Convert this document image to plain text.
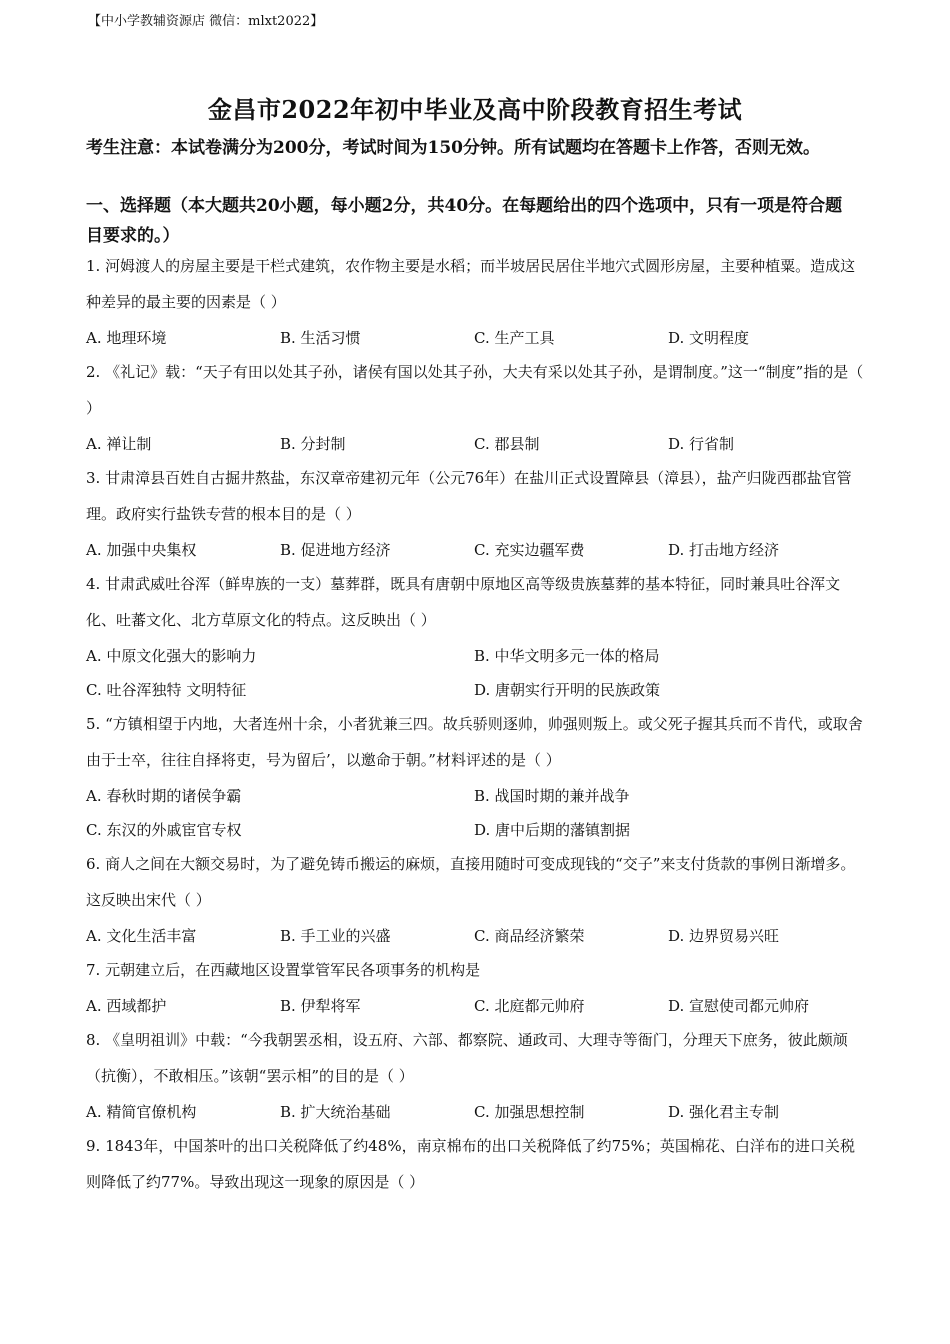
【中小学教辅资源店 微信：mlxt2022】
金昌市2022年初中毕业及高中阶段教育招生考试
考生注意：本试卷满分为200分，考试时间为150分钟。所有试题均在答题卡上作答，否则无效。
一、选择题（本大题共20小题，每小题2分，共40分。在每题给出的四个选项中，只有一项是符合题目要求的。）

1. 河姆渡人的房屋主要是干栏式建筑，农作物主要是水稻；而半坡居民居住半地穴式圆形房屋，主要种植粟。造成这种差异的最主要的因素是（ ）

A. 地理环境	B. 生活习惯	C. 生产工具	D. 文明程度

2. 《礼记》载：“天子有田以处其子孙，诸侯有国以处其子孙，大夫有采以处其子孙，是谓制度。”这一“制度”指的是（ ）

A. 禅让制	B. 分封制	C. 郡县制	D. 行省制

3. 甘肃漳县百姓自古掘井熬盐，东汉章帝建初元年（公元76年）在盐川正式设置障县（漳县），盐产归陇西郡盐官管理。政府实行盐铁专营的根本目的是（ ）

A. 加强中央集权	B. 促进地方经济	C. 充实边疆军费	D. 打击地方经济

4. 甘肃武威吐谷浑（鲜卑族的一支）墓葬群，既具有唐朝中原地区高等级贵族墓葬的基本特征，同时兼具吐谷浑文化、吐蕃文化、北方草原文化的特点。这反映出（ ）

A. 中原文化强大的影响力	B. 中华文明多元一体的格局
C. 吐谷浑独特 文明特征	D. 唐朝实行开明的民族政策

5. “方镇相望于内地，大者连州十余，小者犹兼三四。故兵骄则逐帅，帅强则叛上。或父死子握其兵而不肯代，或取舍由于士卒，往往自择将吏，号为留后’，以邀命于朝。”材料评述的是（ ）

A. 春秋时期的诸侯争霸	B. 战国时期的兼并战争
C. 东汉的外戚宦官专权	D. 唐中后期的藩镇割据

6. 商人之间在大额交易时，为了避免铸币搬运的麻烦，直接用随时可变成现钱的“交子”来支付货款的事例日渐增多。这反映出宋代（ ）

A. 文化生活丰富	B. 手工业的兴盛	C. 商品经济繁荣	D. 边界贸易兴旺

7. 元朝建立后，在西藏地区设置掌管军民各项事务的机构是

A. 西域都护	B. 伊犁将军	C. 北庭都元帅府	D. 宣慰使司都元帅府

8. 《皇明祖训》中载：“今我朝罢丞相，设五府、六部、都察院、通政司、大理寺等衙门，分理天下庶务，彼此颇颃（抗衡），不敢相压。”该朝“罢示相”的目的是（ ）

A. 精简官僚机构	B. 扩大统治基础	C. 加强思想控制	D. 强化君主专制

9. 1843年，中国茶叶的出口关税降低了约48%，南京棉布的出口关税降低了约75%；英国棉花、白洋布的进口关税则降低了约77%。导致出现这一现象的原因是（ ）
